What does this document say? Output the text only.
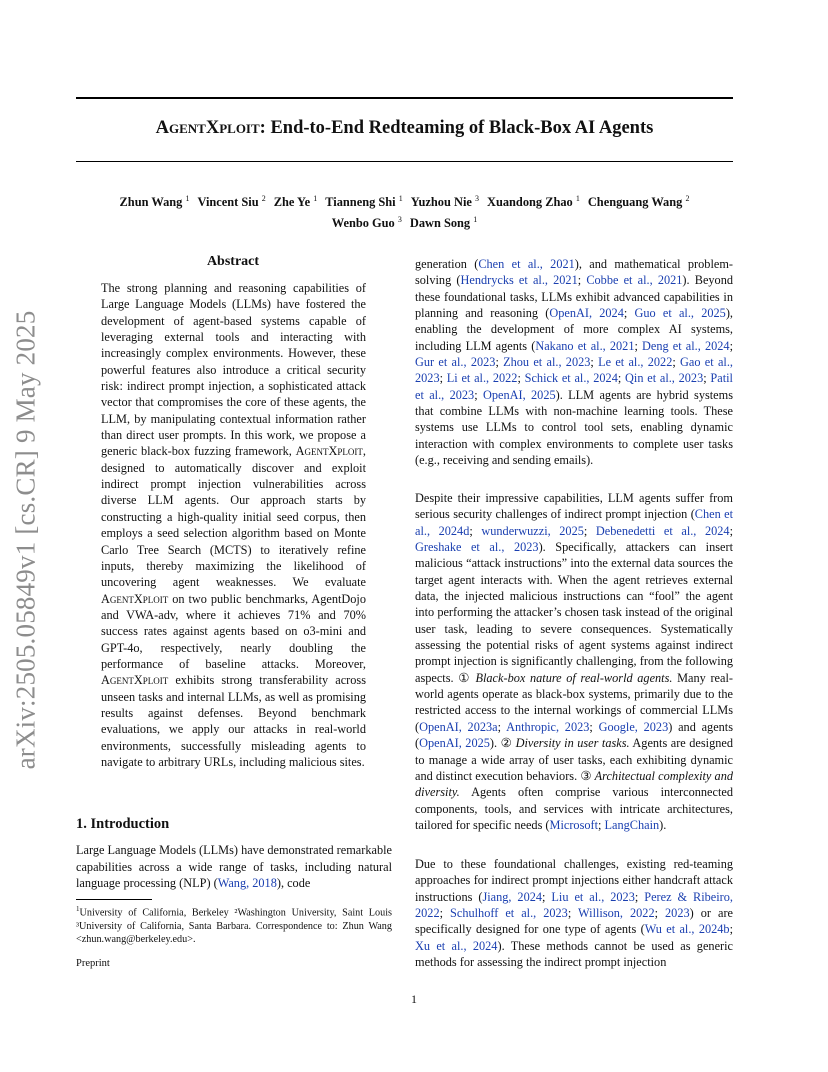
arXiv:2505.05849v1 [cs.CR] 9 May 2025
AgentXploit: End-to-End Redteaming of Black-Box AI Agents
Zhun Wang $^1$ Vincent Siu $^2$ Zhe Ye $^1$ Tianneng Shi $^1$ Yuzhou Nie $^3$ Xuandong Zhao $^1$ Chenguang Wang $^2$
Wenbo Guo $^3$ Dawn Song $^1$
Abstract
The strong planning and reasoning capabilities of Large Language Models (LLMs) have fostered the development of agent-based systems capable of leveraging external tools and interacting with increasingly complex environments. However, these powerful features also introduce a critical security risk: indirect prompt injection, a sophisticated attack vector that compromises the core of these agents, the LLM, by manipulating contextual information rather than direct user prompts. In this work, we propose a generic black-box fuzzing framework, AgentXploit, designed to automatically discover and exploit indirect prompt injection vulnerabilities across diverse LLM agents. Our approach starts by constructing a high-quality initial seed corpus, then employs a seed selection algorithm based on Monte Carlo Tree Search (MCTS) to iteratively refine inputs, thereby maximizing the likelihood of uncovering agent weaknesses. We evaluate AgentXploit on two public benchmarks, AgentDojo and VWA-adv, where it achieves 71% and 70% success rates against agents based on o3-mini and GPT-4o, respectively, nearly doubling the performance of baseline attacks. Moreover, AgentXploit exhibits strong transferability across unseen tasks and internal LLMs, as well as promising results against defenses. Beyond benchmark evaluations, we apply our attacks in real-world environments, successfully misleading agents to navigate to arbitrary URLs, including malicious sites.
1. Introduction
Large Language Models (LLMs) have demonstrated remarkable capabilities across a wide range of tasks, including natural language processing (NLP) (Wang, 2018), code
$^1$University of California, Berkeley ²Washington University, Saint Louis ³University of California, Santa Barbara. Correspondence to: Zhun Wang <zhun.wang@berkeley.edu>.
Preprint
generation (Chen et al., 2021), and mathematical problem-solving (Hendrycks et al., 2021; Cobbe et al., 2021). Beyond these foundational tasks, LLMs exhibit advanced capabilities in planning and reasoning (OpenAI, 2024; Guo et al., 2025), enabling the development of more complex AI systems, including LLM agents (Nakano et al., 2021; Deng et al., 2024; Gur et al., 2023; Zhou et al., 2023; Le et al., 2022; Gao et al., 2023; Li et al., 2022; Schick et al., 2024; Qin et al., 2023; Patil et al., 2023; OpenAI, 2025). LLM agents are hybrid systems that combine LLMs with non-machine learning tools. These systems use LLMs to control tool sets, enabling dynamic interaction with complex environments to complete user tasks (e.g., receiving and sending emails).
Despite their impressive capabilities, LLM agents suffer from serious security challenges of indirect prompt injection (Chen et al., 2024d; wunderwuzzi, 2025; Debenedetti et al., 2024; Greshake et al., 2023). Specifically, attackers can insert malicious “attack instructions” into the external data sources the target agent interacts with. When the agent retrieves external data, the injected malicious instructions can “fool” the agent into performing the attacker’s chosen task instead of the original user task, leading to severe consequences. Systematically assessing the potential risks of agent systems against indirect prompt injection is significantly challenging, from the following aspects. ① Black-box nature of real-world agents. Many real-world agents operate as black-box systems, primarily due to the restricted access to the internal workings of commercial LLMs (OpenAI, 2023a; Anthropic, 2023; Google, 2023) and agents (OpenAI, 2025). ② Diversity in user tasks. Agents are designed to manage a wide array of user tasks, each exhibiting dynamic and distinct execution behaviors. ③ Architectual complexity and diversity. Agents often comprise various interconnected components, tools, and services with intricate architectures, tailored for specific needs (Microsoft; LangChain).
Due to these foundational challenges, existing red-teaming approaches for indirect prompt injections either handcraft attack instructions (Jiang, 2024; Liu et al., 2023; Perez & Ribeiro, 2022; Schulhoff et al., 2023; Willison, 2022; 2023) or are specifically designed for one type of agents (Wu et al., 2024b; Xu et al., 2024). These methods cannot be used as generic methods for assessing the indirect prompt injection
1
